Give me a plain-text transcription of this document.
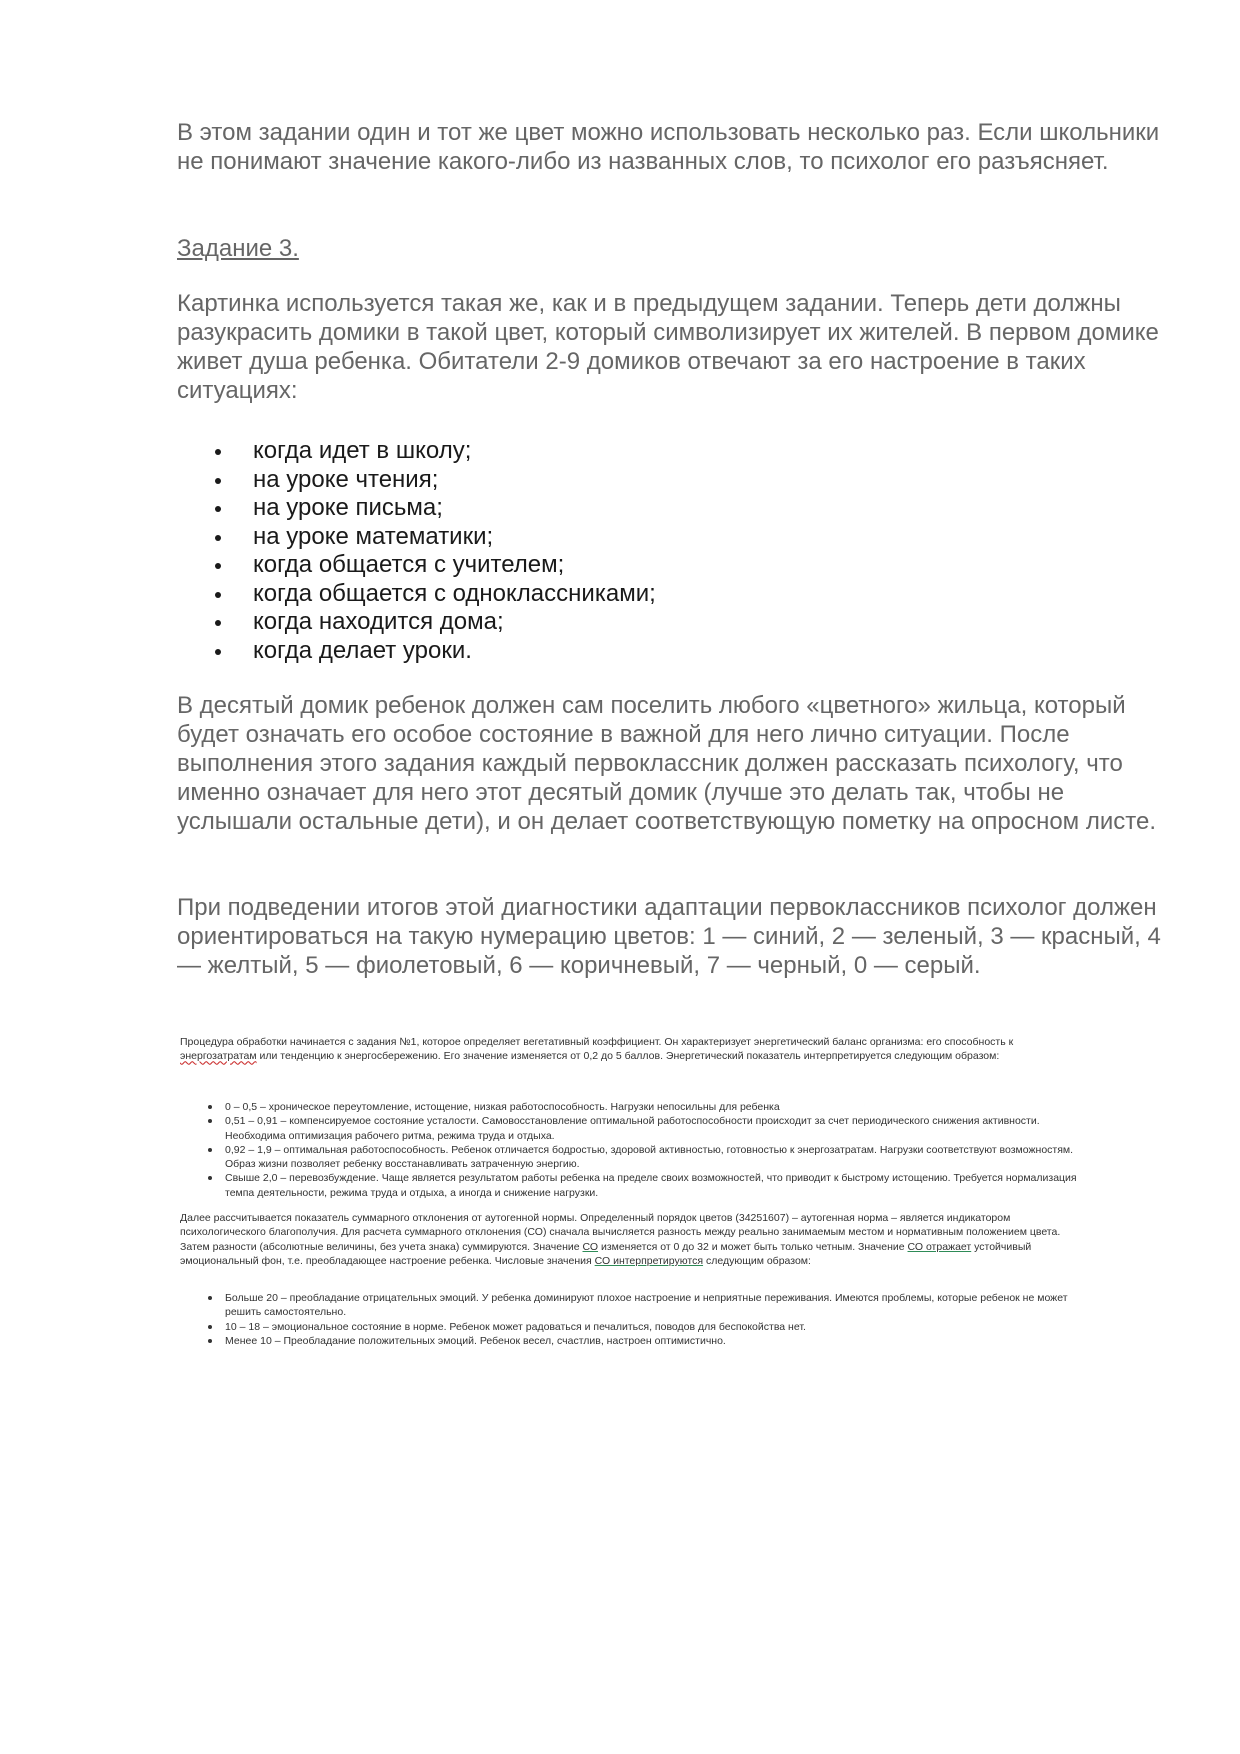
В этом задании один и тот же цвет можно использовать несколько раз. Если школьники не понимают значение какого-либо из названных слов, то психолог его разъясняет.

Задание 3.

Картинка используется такая же, как и в предыдущем задании. Теперь дети должны разукрасить домики в такой цвет, который символизирует их жителей. В первом домике живет душа ребенка. Обитатели 2-9 домиков отвечают за его настроение в таких ситуациях:

когда идет в школу;
на уроке чтения;
на уроке письма;
на уроке математики;
когда общается с учителем;
когда общается с одноклассниками;
когда находится дома;
когда делает уроки.

В десятый домик ребенок должен сам поселить любого «цветного» жильца, который будет означать его особое состояние в важной для него лично ситуации. После выполнения этого задания каждый первоклассник должен рассказать психологу, что именно означает для него этот десятый домик (лучше это делать так, чтобы не услышали остальные дети), и он делает соответствующую пометку на опросном листе.

При подведении итогов этой диагностики адаптации первоклассников психолог должен ориентироваться на такую нумерацию цветов: 1 — синий, 2 — зеленый, 3 — красный, 4 — желтый, 5 — фиолетовый, 6 — коричневый, 7 — черный, 0 — серый.

Процедура обработки начинается с задания №1, которое определяет вегетативный коэффициент. Он характеризует энергетический баланс организма: его способность к энергозатратам или тенденцию к энергосбережению. Его значение изменяется от 0,2 до 5 баллов. Энергетический показатель интерпретируется следующим образом:

0 – 0,5 – хроническое переутомление, истощение, низкая работоспособность. Нагрузки непосильны для ребенка
0,51 – 0,91 – компенсируемое состояние усталости. Самовосстановление оптимальной работоспособности происходит за счет периодического снижения активности. Необходима оптимизация рабочего ритма, режима труда и отдыха.
0,92 – 1,9 – оптимальная работоспособность. Ребенок отличается бодростью, здоровой активностью, готовностью к энергозатратам. Нагрузки соответствуют возможностям. Образ жизни позволяет ребенку восстанавливать затраченную энергию.
Свыше 2,0 – перевозбуждение. Чаще является результатом работы ребенка на пределе своих возможностей, что приводит к быстрому истощению. Требуется нормализация темпа деятельности, режима труда и отдыха, а иногда и снижение нагрузки.

Далее рассчитывается показатель суммарного отклонения от аутогенной нормы. Определенный порядок цветов (34251607) – аутогенная норма – является индикатором психологического благополучия. Для расчета суммарного отклонения (СО) сначала вычисляется разность между реально занимаемым местом и нормативным положением цвета. Затем разности (абсолютные величины, без учета знака) суммируются. Значение СО изменяется от 0 до 32 и может быть только четным. Значение СО отражает устойчивый эмоциональный фон, т.е. преобладающее настроение ребенка. Числовые значения СО интерпретируются следующим образом:

Больше 20 – преобладание отрицательных эмоций. У ребенка доминируют плохое настроение и неприятные переживания. Имеются проблемы, которые ребенок не может решить самостоятельно.
10 – 18 – эмоциональное состояние в норме. Ребенок может радоваться и печалиться, поводов для беспокойства нет.
Менее 10 – Преобладание положительных эмоций. Ребенок весел, счастлив, настроен оптимистично.
